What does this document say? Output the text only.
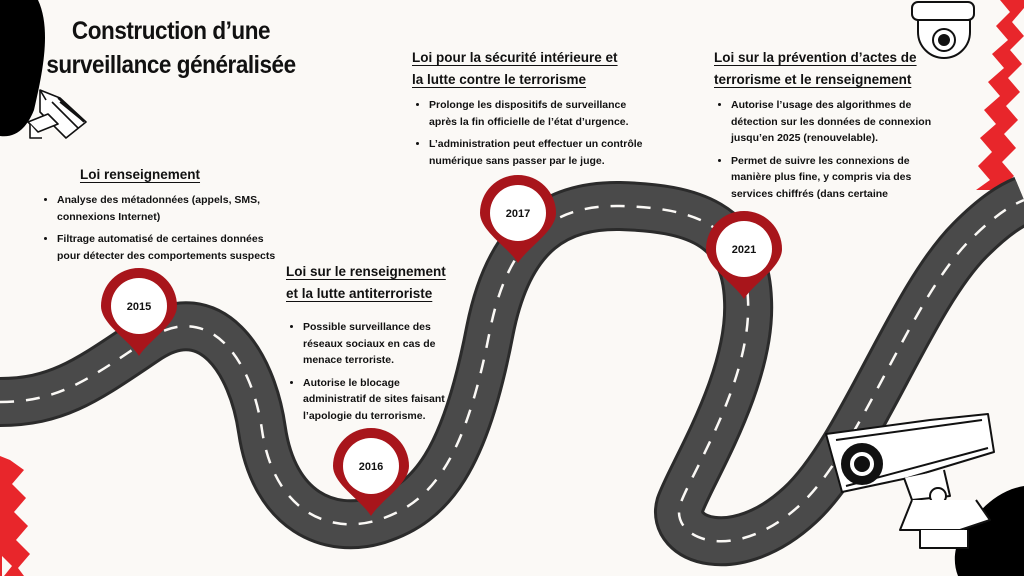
2015
2016
2017
2021
Construction d’une
surveillance généralisée
Loi renseignement
• Analyse des métadonnées (appels, SMS, connexions Internet)
• Filtrage automatisé de certaines données pour détecter des comportements suspects
Loi sur le renseignement
et la lutte antiterroriste
• Possible surveillance des réseaux sociaux en cas de menace terroriste.
• Autorise le blocage administratif de sites faisant l’apologie du terrorisme.
Loi pour la sécurité intérieure et
la lutte contre le terrorisme
• Prolonge les dispositifs de surveillance après la fin officielle de l’état d’urgence.
• L’administration peut effectuer un contrôle numérique sans passer par le juge.
Loi sur la prévention d’actes de
terrorisme et le renseignement
• Autorise l’usage des algorithmes de détection sur les données de connexion jusqu’en 2025 (renouvelable).
• Permet de suivre les connexions de manière plus fine, y compris via des services chiffrés (dans certaine
